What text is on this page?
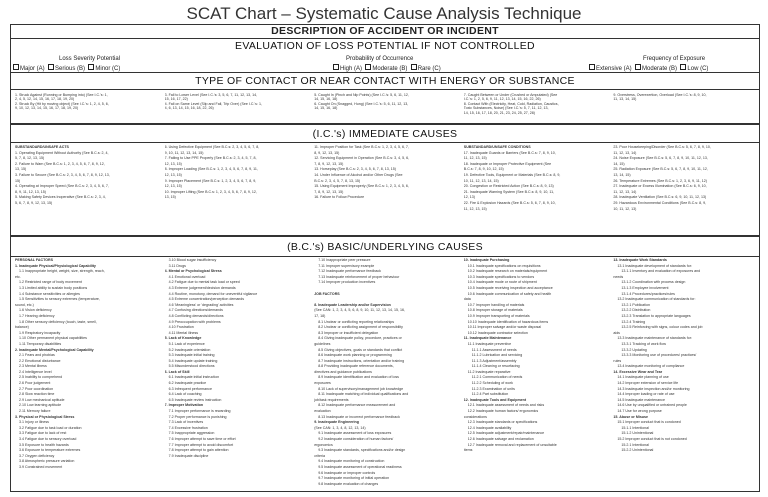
SCAT Chart – Systematic Cause Analysis Technique
DESCRIPTION OF ACCIDENT OR INCIDENT
EVALUATION OF LOSS POTENTIAL IF NOT CONTROLLED
Loss Severity Potential
Major (A) Serious (B) Minor (C)
Probability of Occurrence
High (A) Moderate (B) Rare (C)
Frequency of Exposure
Extensive (A) Moderate (B) Low (C)
TYPE OF CONTACT OR NEAR CONTACT WITH ENERGY OR SUBSTANCE
1. Struck Against (Running or Bumping into) (See I.C.'s: 1,
2, 4, 5, 12, 14, 15, 16, 17, 18, 19, 20)
2. Struck By (Hit by moving object) (See I.C.'s: 1, 2, 4, 5, 6,
9, 10, 12, 13, 14, 15, 16, 17, 18, 19, 20)
3. Fall to Lower Level (See I.C.'s: 3, 5, 6, 7, 11, 12, 13, 14,
15, 16, 17, 22)
4. Fall on Same Level (Slip and Fall, Trip Over) (See I.C.'s: 1,
4, 6, 13, 14, 15, 16, 18, 22, 26)
5. Caught In (Pinch and Nip Points) (See I.C.'s: 5, 6, 11, 12,
14, 15, 16, 18)
6. Caught On (Snagged, Hung) (See I.C.'s: 5, 6, 11, 12, 13,
14, 15, 16, 18)
7. Caught Between or Under (Crushed or Amputated) (See
I.C.'s: 1, 2, 5, 6, 9, 11, 12, 13, 14, 15, 16, 22, 26)
8. Contact With (Electricity, Heat, Cold, Radiation, Caustics,
Toxic Substances, Noise) (See I.C.'s: 5, 7, 11, 12, 13,
14, 15, 16, 17, 18, 20, 21, 23, 24, 25, 27, 28)
9. Overstress, Overexertion, Overload (See I.C.'s: 8, 9, 10,
11, 13, 14, 15)
(I.C.'s) IMMEDIATE CAUSES
SUBSTANDARD/UNSAFE ACTS
1. Operating Equipment Without Authority (See B.C.s: 2, 4,
5, 7, 8, 12, 13, 15)
2. Failure to Warn (See B.C.s: 1, 2, 3, 4, 5, 6, 7, 8, 9, 12,
13, 15)
3. Failure to Secure (See B.C.s: 2, 3, 4, 5, 6, 7, 8, 9, 12, 13,
15)
4. Operating at Improper Speed (See B.C.s: 2, 3, 4, 5, 6, 7,
8, 9, 11, 12, 13, 15)
5. Making Safety Devices Inoperative (See B.C.s: 2, 3, 4,
5, 6, 7, 8, 9, 12, 13, 15)
6. Using Defective Equipment (See B.C.s: 2, 3, 4, 5, 6, 7, 8,
9, 10, 11, 12, 13, 14, 15)
7. Failing to Use PPE Properly (See B.C.s: 2, 3, 4, 5, 7, 8,
12, 13, 15)
8. Improper Loading (See B.C.s: 1, 2, 3, 4, 5, 6, 7, 8, 9, 11,
12, 13, 15)
9. Improper Placement (See B.C.s: 1, 2, 3, 4, 5, 6, 7, 8, 9,
12, 13, 15)
10. Improper Lifting (See B.C.s: 1, 2, 3, 4, 5, 6, 7, 8, 9, 12,
13, 15)
11. Improper Position for Task (See B.C.s: 1, 2, 3, 4, 5, 6, 7,
8, 9, 12, 13, 15)
12. Servicing Equipment in Operation (See B.C.s: 3, 4, 5, 6,
7, 8, 9, 12, 13, 15)
13. Horseplay (See B.C.s: 2, 3, 4, 5, 6, 7, 8, 13, 15)
14. Under Influence of Alcohol and/or Other Drugs (See
B.C.s: 2, 3, 4, 5, 7, 8, 13, 15)
15. Using Equipment Improperly (See B.C.s: 1, 2, 3, 4, 5, 6,
7, 8, 9, 12, 13, 15)
16. Failure to Follow Procedure
SUBSTANDARD/UNSAFE CONDITIONS
17. Inadequate Guards or Barriers (See B.C.s: 7, 8, 9, 10,
11, 12, 13, 15)
18. Inadequate or Improper Protective Equipment (See
B.C.s: 7, 8, 9, 10, 12, 15)
19. Defective Tools, Equipment or Materials (See B.C.s: 8, 9,
10, 11, 12, 13, 14, 15)
20. Congestion or Restricted Action (See B.C.s: 8, 9, 13)
21. Inadequate Warning System (See B.C.s: 8, 9, 10, 11,
12, 13)
22. Fire & Explosion Hazards (See B.C.s: 5, 6, 7, 8, 9, 10,
11, 12, 13, 15)
23. Poor Housekeeping/Disorder (See B.C.s: 5, 6, 7, 8, 9, 10,
11, 12, 13, 14)
24. Noise Exposure (See B.C.s: 5, 6, 7, 8, 9, 10, 11, 12, 13,
14, 15)
25. Radiation Exposure (See B.C.s: 5, 6, 7, 8, 9, 10, 11, 12,
13, 14, 15)
26. Temperature Extremes (See B.C.s: 1, 2, 3, 6, 9, 11, 12)
27. Inadequate or Excess Illumination (See B.C.s: 6, 9, 10,
11, 12, 13, 14)
28. Inadequate Ventilation (See B.C.s: 6, 9, 10, 11, 12, 13)
29. Hazardous Environmental Conditions (See B.C.s: 8, 9,
10, 11, 12, 13)
(B.C.'s) BASIC/UNDERLYING CAUSES
PERSONAL FACTORS
1. Inadequate Physical/Physiological Capability
1.1 Inappropriate height, weight, size, strength, reach,
etc.
1.2 Restricted range of body movement
1.3 Limited ability to sustain body positions
1.4 Substance sensitivities or allergies
1.5 Sensitivities to sensory extremes (temperature,
sound, etc.)
1.6 Vision deficiency
1.7 Hearing deficiency
1.8 Other sensory deficiency (touch, taste, smell,
balance)
1.9 Respiratory incapacity
1.10 Other permanent physical capabilities
1.11 Temporary disabilities
2. Inadequate Mental/Psychological Capability
2.1 Fears and phobias
2.2 Emotional disturbance
2.3 Mental illness
2.4 Intelligence level
2.5 Inability to comprehend
2.6 Poor judgement
2.7 Poor coordination
2.8 Slow reaction time
2.9 Low mechanical aptitude
2.10 Low learning aptitude
2.11 Memory failure
3. Physical or Physiological Stress
3.1 Injury or illness
3.2 Fatigue due to task load or duration
3.3 Fatigue due to lack of rest
3.4 Fatigue due to sensory overload
3.5 Exposure to health hazards
3.6 Exposure to temperature extremes
3.7 Oxygen deficiency
3.8 Atmospheric pressure variation
3.9 Constrained movement
3.10 Blood sugar insufficiency
3.11 Drugs
4. Mental or Psychological Stress
4.1 Emotional overload
4.2 Fatigue due to mental task load or speed
4.3 Extreme judgement/decision demands
4.4 Routine, monotony, demand for uneventful vigilance
4.5 Extreme concentration/perception demands
4.6 'Meaningless' or 'degrading' activities
4.7 Confusing directions/demands
4.8 Conflicting demands/directions
4.9 Preoccupation with problems
4.10 Frustration
4.11 Mental illness
5. Lack of Knowledge
5.1 Lack of experience
5.2 Inadequate orientation
5.3 Inadequate initial training
5.4 Inadequate update training
5.5 Misunderstood directions
6. Lack of Skill
6.1 Inadequate initial instruction
6.2 Inadequate practice
6.3 Infrequent performance
6.4 Lack of coaching
6.5 Inadequate review instruction
7. Improper Motivation
7.1 Improper performance is rewarding
7.2 Proper performance is punishing
7.3 Lack of incentives
7.4 Excessive frustration
7.5 Inappropriate aggression
7.6 Improper attempt to save time or effort
7.7 Improper attempt to avoid discomfort
7.8 Improper attempt to gain attention
7.9 Inadequate discipline
7.10 Inappropriate peer pressure
7.11 Improper supervisory example
7.12 Inadequate performance feedback
7.13 Inadequate reinforcement of proper behaviour
7.14 Improper production incentives

JOB FACTORS

8. Inadequate Leadership and/or Supervision
(See CAN: 1, 2, 3, 4, 5, 6, 8, 9, 10, 11, 12, 13, 14, 15, 16,
17, 18)
8.1 Unclear or conflicting reporting relationships
8.2 Unclear or conflicting assignment of responsibility
8.3 Improper or insufficient delegation
8.4 Giving inadequate policy, procedure, practices or
guidelines
8.5 Giving objectives, goals or standards that conflict
8.6 Inadequate work planning or programming
8.7 Inadequate instructions, orientation and/or training
8.8 Providing inadequate reference documents,
directives and guidance publications
8.9 Inadequate identification and evaluation of loss
exposures
8.10 Lack of supervisory/management job knowledge
8.11 Inadequate matching of individual qualifications and
job/task requirements
8.12 Inadequate performance measurement and
evaluation
8.13 Inadequate or incorrect performance feedback
9. Inadequate Engineering
(See CAN: 1, 3, 4, 8, 12, 13, 14)
9.1 Inadequate assessment of loss exposures
9.2 Inadequate consideration of human factors/
ergonomics
9.3 Inadequate standards, specifications and/or design
criteria
9.4 Inadequate monitoring of construction
9.5 Inadequate assessment of operational readiness
9.6 Inadequate or improper controls
9.7 Inadequate monitoring of initial operation
9.8 Inadequate evaluation of changes
10. Inadequate Purchasing
10.1 Inadequate specifications on requisitions
10.2 Inadequate research on materials/equipment
10.3 Inadequate specifications to vendors
10.4 Inadequate mode or route of shipment
10.5 Inadequate receiving inspection and acceptance
10.6 Inadequate communication of safety and health
data
10.7 Improper handling of materials
10.8 Improper storage of materials
10.9 Improper transporting of materials
10.10 Inadequate identification of hazardous items
10.11 Improper salvage and/or waste disposal
10.12 Inadequate contractor selection
11. Inadequate Maintenance
11.1 Inadequate preventive
11.1.1 Assessment of needs
11.1.2 Lubrication and servicing
11.1.3 Adjustment/assembly
11.1.4 Cleaning or resurfacing
11.2 Inadequate reparative
11.2.1 Communication of needs
11.2.2 Scheduling of work
11.2.3 Examination of units
11.2.4 Part substitution
12. Inadequate Tools and Equipment
12.1 Inadequate assessment of needs and risks
12.2 Inadequate human factors/ ergonomics
considerations
12.3 Inadequate standards or specifications
12.4 Inadequate availability
12.5 Inadequate adjustment/repair/maintenance
12.6 Inadequate salvage and reclamation
12.7 Inadequate removal and replacement of unsuitable
items
13. Inadequate Work Standards
13.1 Inadequate development of standards for:
13.1.1 Inventory and evaluation of exposures and
needs
13.1.2 Coordination with process design
13.1.3 Employee involvement
13.1.4 Procedures/practices/rules
13.2 Inadequate communication of standards for:
13.2.1 Publication
13.2.2 Distribution
13.2.3 Translation to appropriate languages
13.2.4 Training
13.2.5 Reinforcing with signs, colour codes and job
aids
13.3 Inadequate maintenance of standards for:
13.3.1 Tracking of work flow
13.3.2 Updating
13.3.3 Monitoring use of procedures/ practices/
rules
13.4 Inadequate monitoring of compliance
14. Excessive Wear and Tear
14.1 Inadequate planning of use
14.2 Improper extension of service life
14.3 Inadequate inspection and/or monitoring
14.4 Improper loading or rate of use
14.5 Inadequate maintenance
14.6 Use by unqualified or untrained people
14.7 Use for wrong purpose
15. Abuse or Misuse
15.1 Improper conduct that is condoned
15.1.1 Intentional
15.1.2 Unintentional
15.2 Improper conduct that is not condoned
15.2.1 Intentional
15.2.2 Unintentional
